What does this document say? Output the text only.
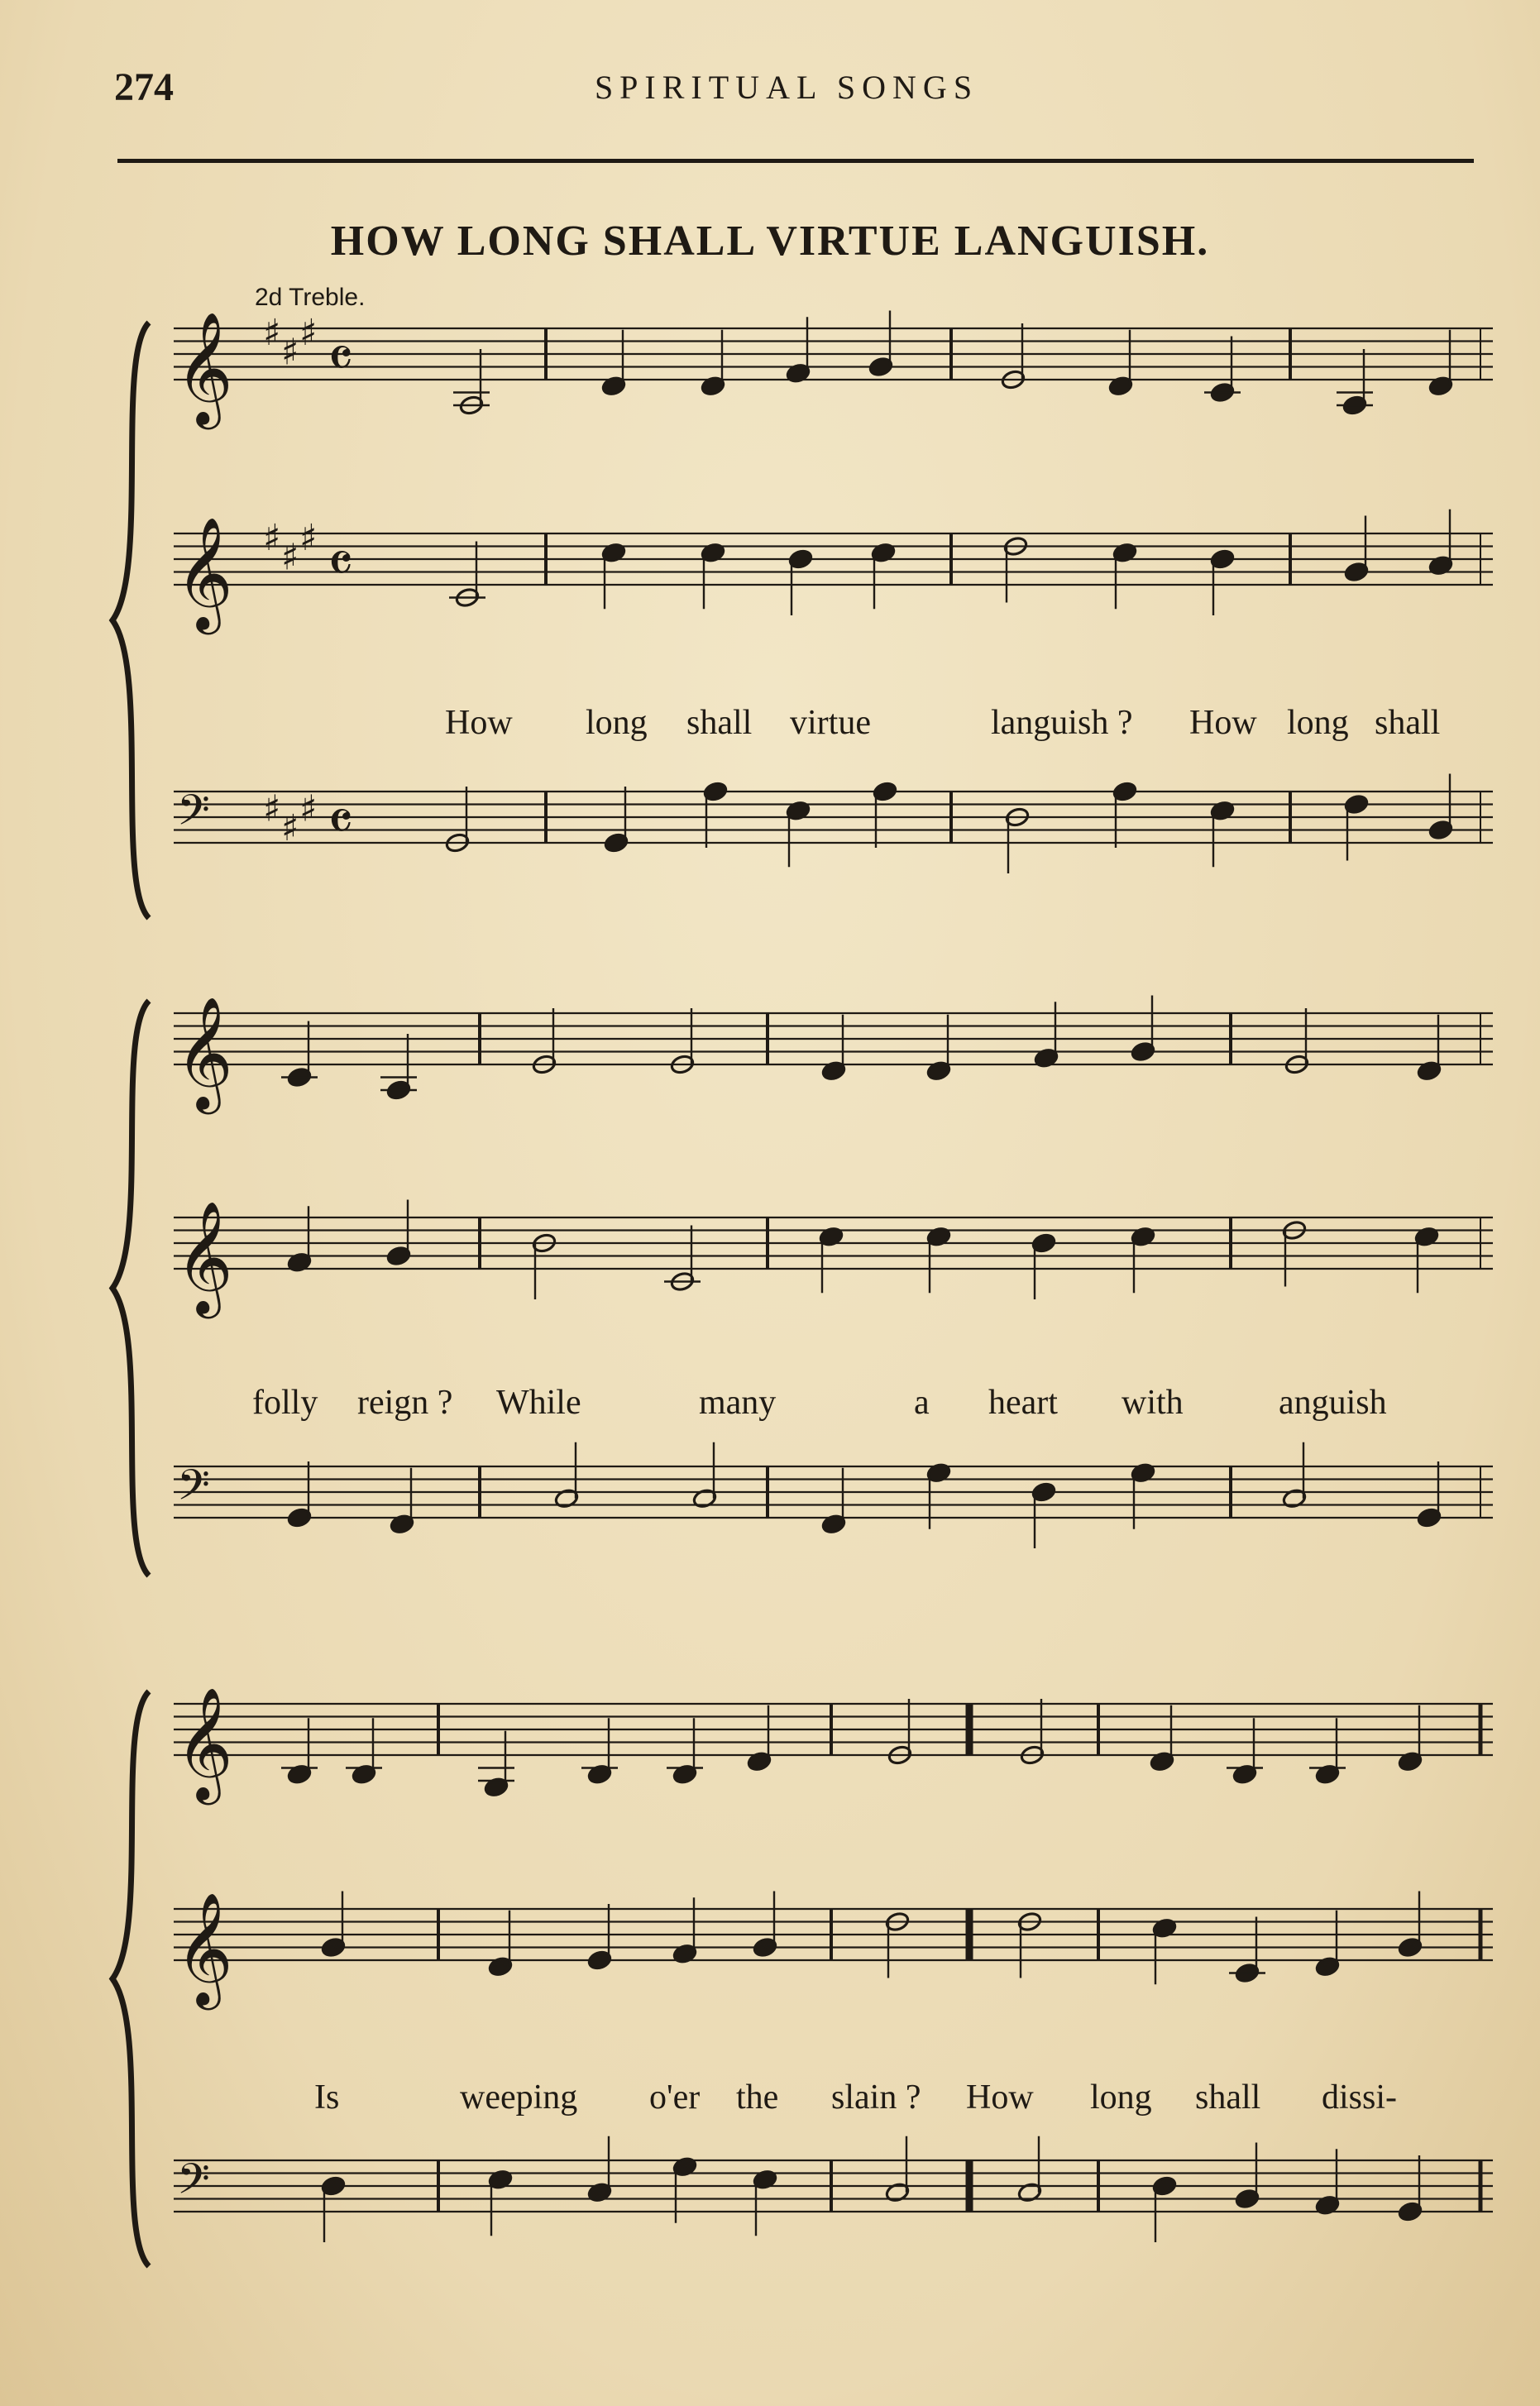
274	SPIRITUAL SONGS
HOW LONG SHALL VIRTUE LANGUISH.
2d Treble.
𝄞 ♯ ♯ ♯ 𝄴
𝄞 ♯ ♯ ♯ 𝄴
𝄢 ♯ ♯ ♯ 𝄴
𝄞
𝄞
𝄢
𝄞
𝄞
𝄢
How long shall virtue	languish ? How long shall
folly reign ? While	many	a heart with	anguish
Is	weeping o'er the slain ? How long shall dissi-
